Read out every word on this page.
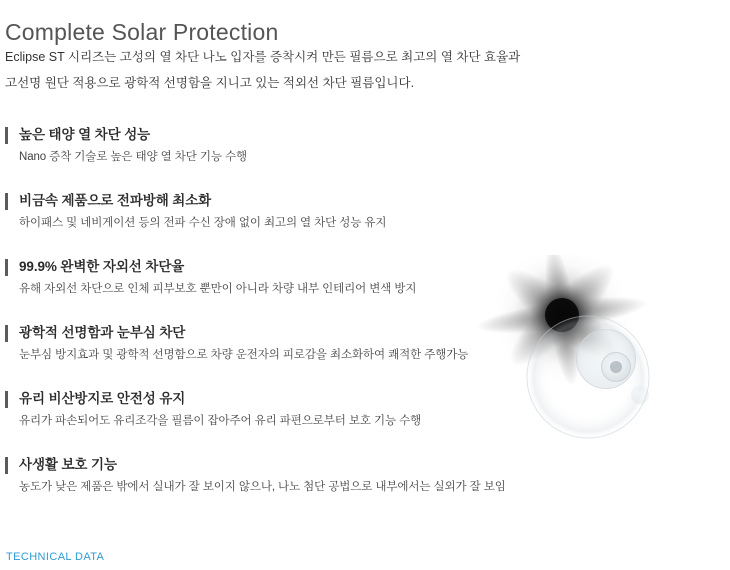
Complete Solar Protection
Eclipse ST 시리즈는 고성의 열 차단 나노 입자를 증착시켜 만든 필름으로 최고의 열 차단 효율과
고선명 원단 적용으로 광학적 선명함을 지니고 있는 적외선 차단 필름입니다.
높은 태양 열 차단 성능
Nano 증착 기술로 높은 태양 열 차단 기능 수행
비금속 제품으로 전파방해 최소화
하이패스 및 네비게이션 등의 전파 수신 장애 없이 최고의 열 차단 성능 유지
99.9% 완벽한 자외선 차단율
유해 자외선 차단으로 인체 피부보호 뿐만이 아니라 차량 내부 인테리어 변색 방지
광학적 선명함과 눈부심 차단
눈부심 방지효과 및 광학적 선명함으로 차량 운전자의 피로감을 최소화하여 쾌적한 주행가능
유리 비산방지로 안전성 유지
유리가 파손되어도 유리조각을 필름이 잡아주어 유리 파편으로부터 보호 기능 수행
사생활 보호 기능
농도가 낮은 제품은 밖에서 실내가 잘 보이지 않으나, 나노 첨단 공법으로 내부에서는 실외가 잘 보임
TECHNICAL DATA
